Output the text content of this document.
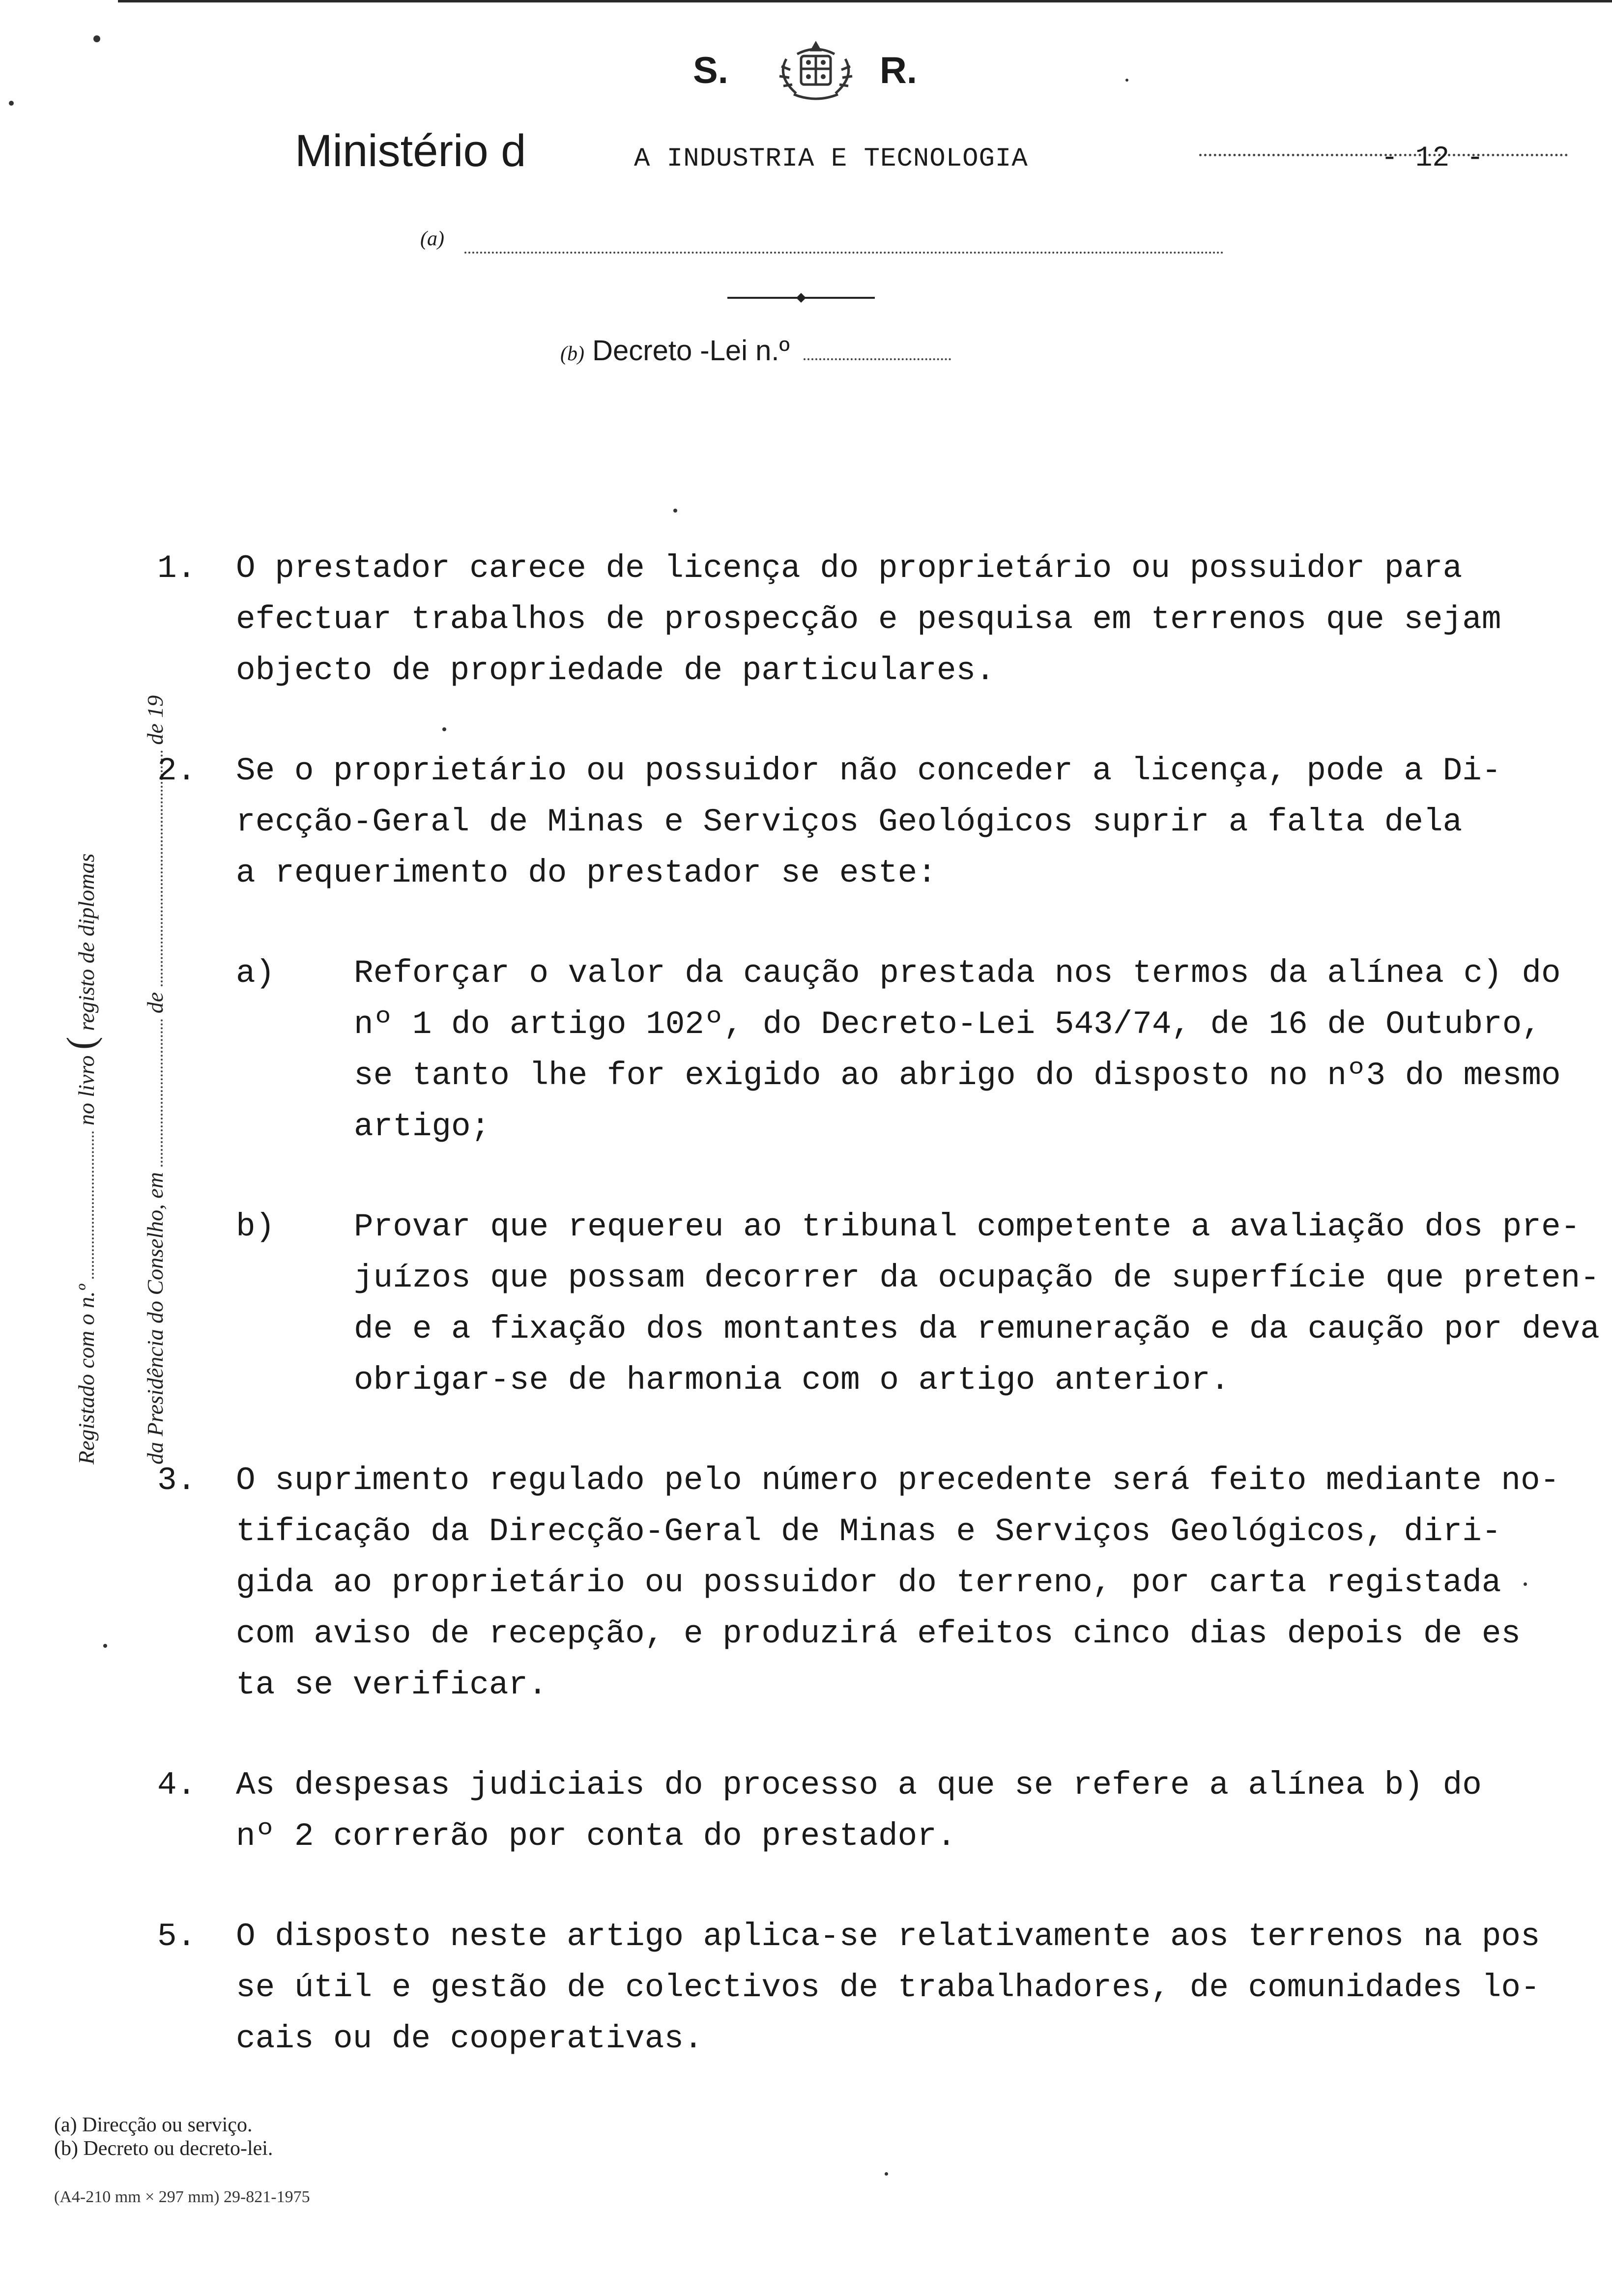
S.	R.
Ministério d	A INDUSTRIA E TECNOLOGIA	- 12 -
(a)
(b) Decreto -Lei n.º
Registado com o n.º  no livro ( registo de diplomas
da Presidência do Conselho, em  de  de 19
1. O prestador carece de licença do proprietário ou possuidor para
efectuar trabalhos de prospecção e pesquisa em terrenos que sejam
objecto de propriedade de particulares.
2. Se o proprietário ou possuidor não conceder a licença, pode a Di-
recção-Geral de Minas e Serviços Geológicos suprir a falta dela
a requerimento do prestador se este:
a) Reforçar o valor da caução prestada nos termos da alínea c) do
nº 1 do artigo 102º, do Decreto-Lei 543/74, de 16 de Outubro,
se tanto lhe for exigido ao abrigo do disposto no nº3 do mesmo
artigo;
b) Provar que requereu ao tribunal competente a avaliação dos pre-
juízos que possam decorrer da ocupação de superfície que preten-
de e a fixação dos montantes da remuneração e da caução por deva
obrigar-se de harmonia com o artigo anterior.
3. O suprimento regulado pelo número precedente será feito mediante no-
tificação da Direcção-Geral de Minas e Serviços Geológicos, diri-
gida ao proprietário ou possuidor do terreno, por carta registada
com aviso de recepção, e produzirá efeitos cinco dias depois de es
ta se verificar.
4. As despesas judiciais do processo a que se refere a alínea b) do
nº 2 correrão por conta do prestador.
5. O disposto neste artigo aplica-se relativamente aos terrenos na pos
se útil e gestão de colectivos de trabalhadores, de comunidades lo-
cais ou de cooperativas.
(a) Direcção ou serviço.
(b) Decreto ou decreto-lei.
(A4-210 mm × 297 mm) 29-821-1975
